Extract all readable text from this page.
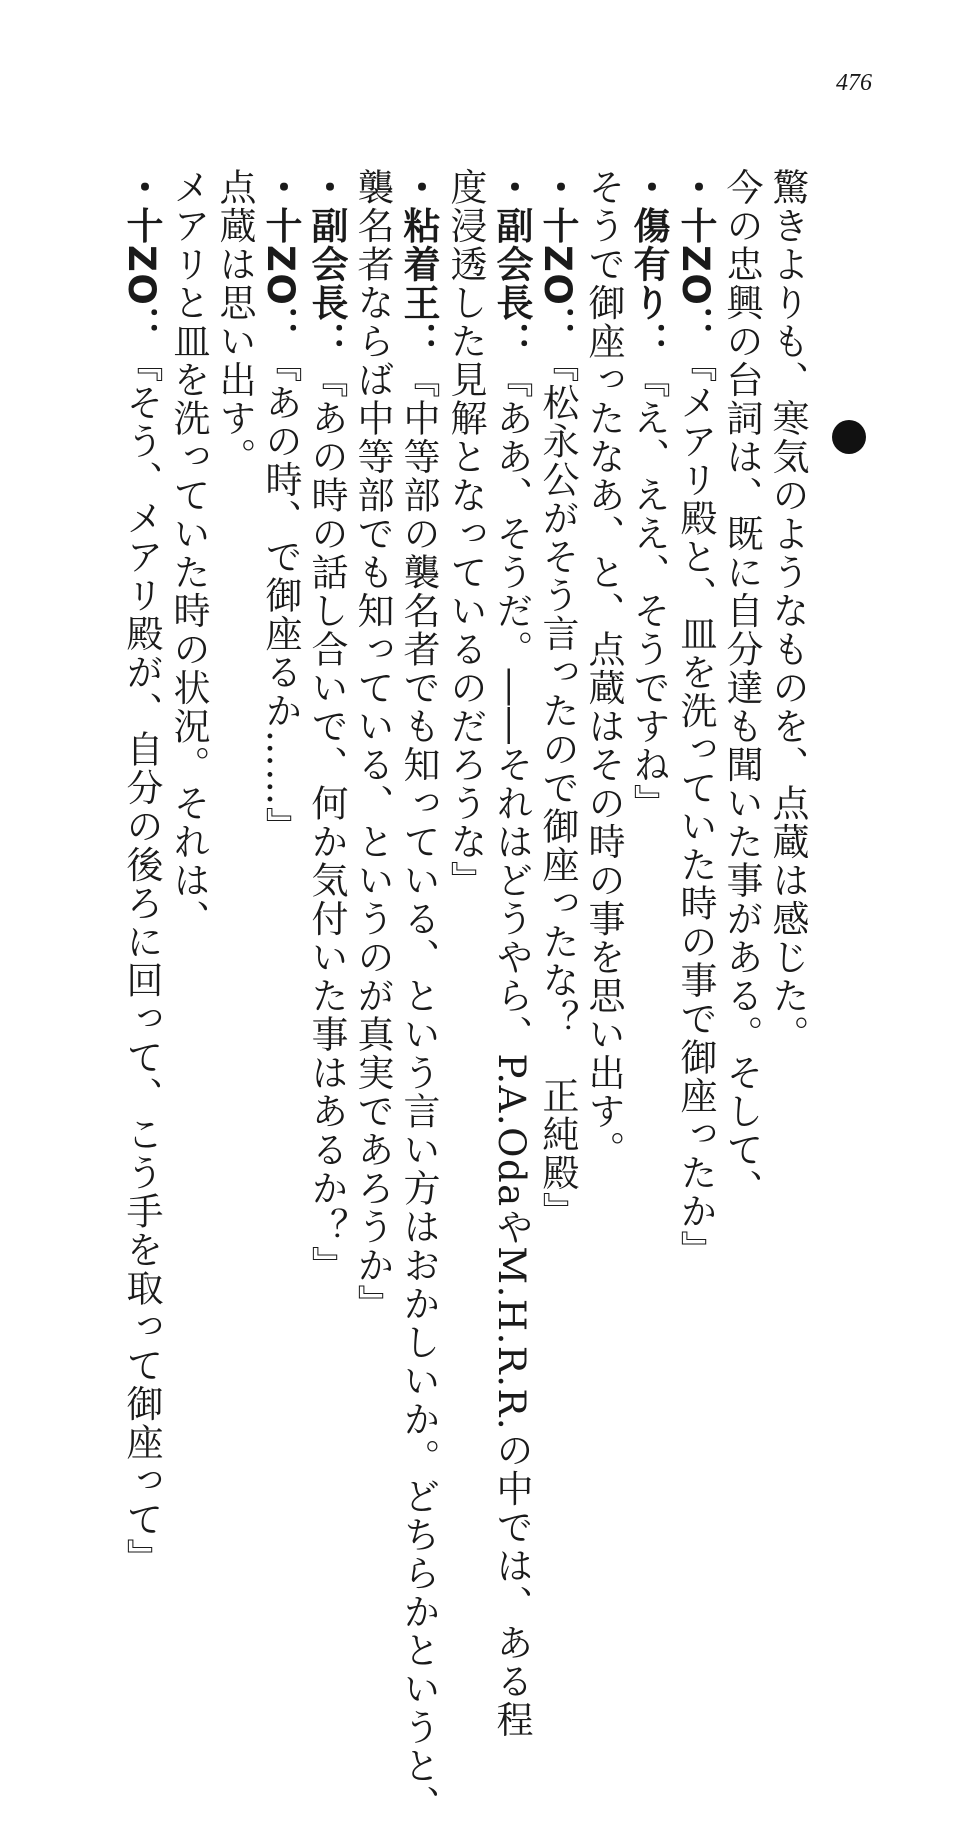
476
驚きよりも、寒気のようなものを、点蔵は感じた。
今の忠興の台詞は、既に自分達も聞いた事がある。そして、
・十ZO：『メアリ殿と、皿を洗っていた時の事で御座ったか』
・傷有り：『え、ええ、そうですね』
そうで御座ったなあ、と、点蔵はその時の事を思い出す。
・十ZO：『松永公がそう言ったので御座ったな？　正純殿』
・副会長：『ああ、そうだ。――それはどうやら、P.A.OdaやM.H.R.R.の中では、ある程
度浸透した見解となっているのだろうな』
・粘着王：『中等部の襲名者でも知っている、という言い方はおかしいか。どちらかというと、
襲名者ならば中等部でも知っている、というのが真実であろうか』
・副会長：『あの時の話し合いで、何か気付いた事はあるか？』
・十ZO：『あの時、で御座るか……』
点蔵は思い出す。
メアリと皿を洗っていた時の状況。それは、
・十ZO：『そう、メアリ殿が、自分の後ろに回って、こう手を取って御座って』
